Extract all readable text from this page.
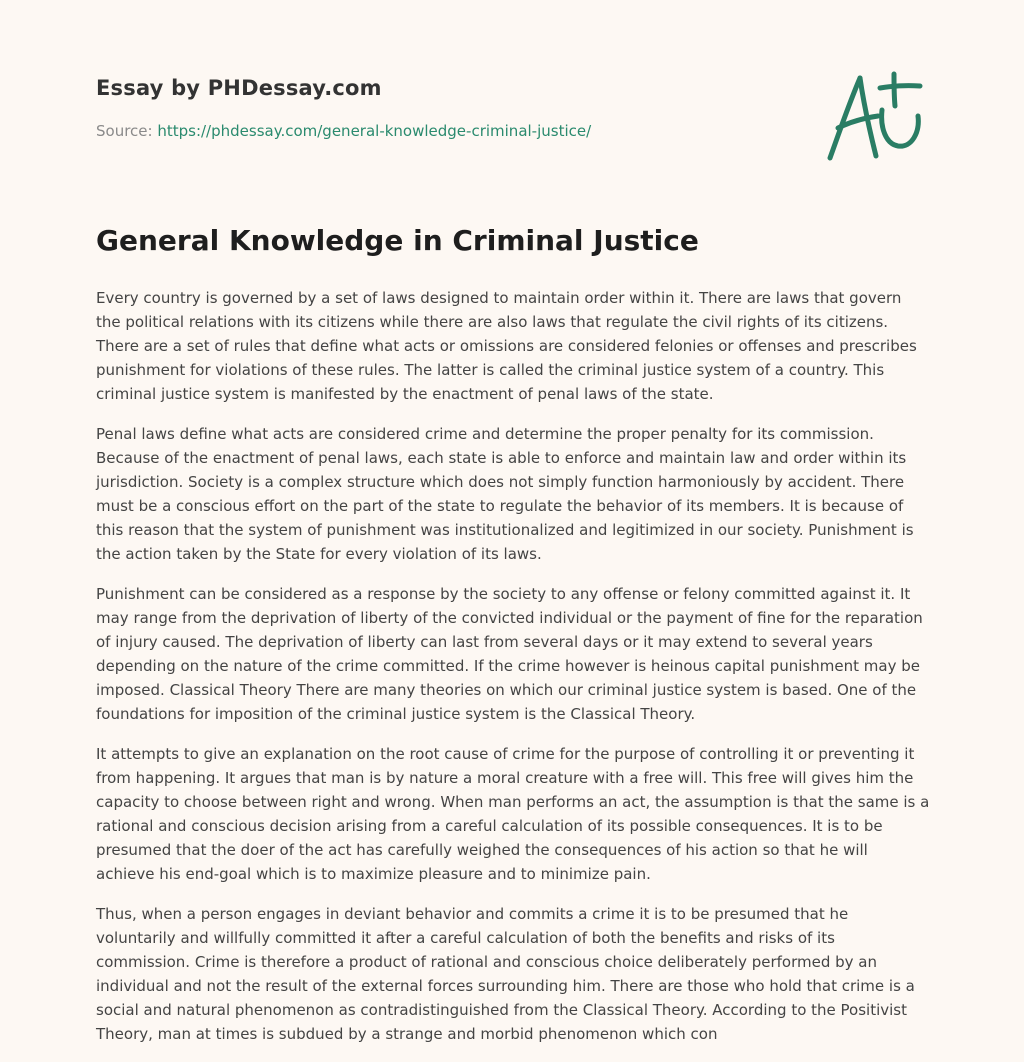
Essay by PHDessay.com
Source: https://phdessay.com/general-knowledge-criminal-justice/
General Knowledge in Criminal Justice

Every country is governed by a set of laws designed to maintain order within it. There are laws that govern the political relations with its citizens while there are also laws that regulate the civil rights of its citizens. There are a set of rules that define what acts or omissions are considered felonies or offenses and prescribes punishment for violations of these rules. The latter is called the criminal justice system of a country. This criminal justice system is manifested by the enactment of penal laws of the state.

Penal laws define what acts are considered crime and determine the proper penalty for its commission. Because of the enactment of penal laws, each state is able to enforce and maintain law and order within its jurisdiction. Society is a complex structure which does not simply function harmoniously by accident. There must be a conscious effort on the part of the state to regulate the behavior of its members. It is because of this reason that the system of punishment was institutionalized and legitimized in our society. Punishment is the action taken by the State for every violation of its laws.

Punishment can be considered as a response by the society to any offense or felony committed against it. It may range from the deprivation of liberty of the convicted individual or the payment of fine for the reparation of injury caused. The deprivation of liberty can last from several days or it may extend to several years depending on the nature of the crime committed. If the crime however is heinous capital punishment may be imposed. Classical Theory There are many theories on which our criminal justice system is based. One of the foundations for imposition of the criminal justice system is the Classical Theory.

It attempts to give an explanation on the root cause of crime for the purpose of controlling it or preventing it from happening. It argues that man is by nature a moral creature with a free will. This free will gives him the capacity to choose between right and wrong. When man performs an act, the assumption is that the same is a rational and conscious decision arising from a careful calculation of its possible consequences. It is to be presumed that the doer of the act has carefully weighed the consequences of his action so that he will achieve his end-goal which is to maximize pleasure and to minimize pain.

Thus, when a person engages in deviant behavior and commits a crime it is to be presumed that he voluntarily and willfully committed it after a careful calculation of both the benefits and risks of its commission. Crime is therefore a product of rational and conscious choice deliberately performed by an individual and not the result of the external forces surrounding him. There are those who hold that crime is a social and natural phenomenon as contradistinguished from the Classical Theory. According to the Positivist Theory, man at times is subdued by a strange and morbid phenomenon which con
